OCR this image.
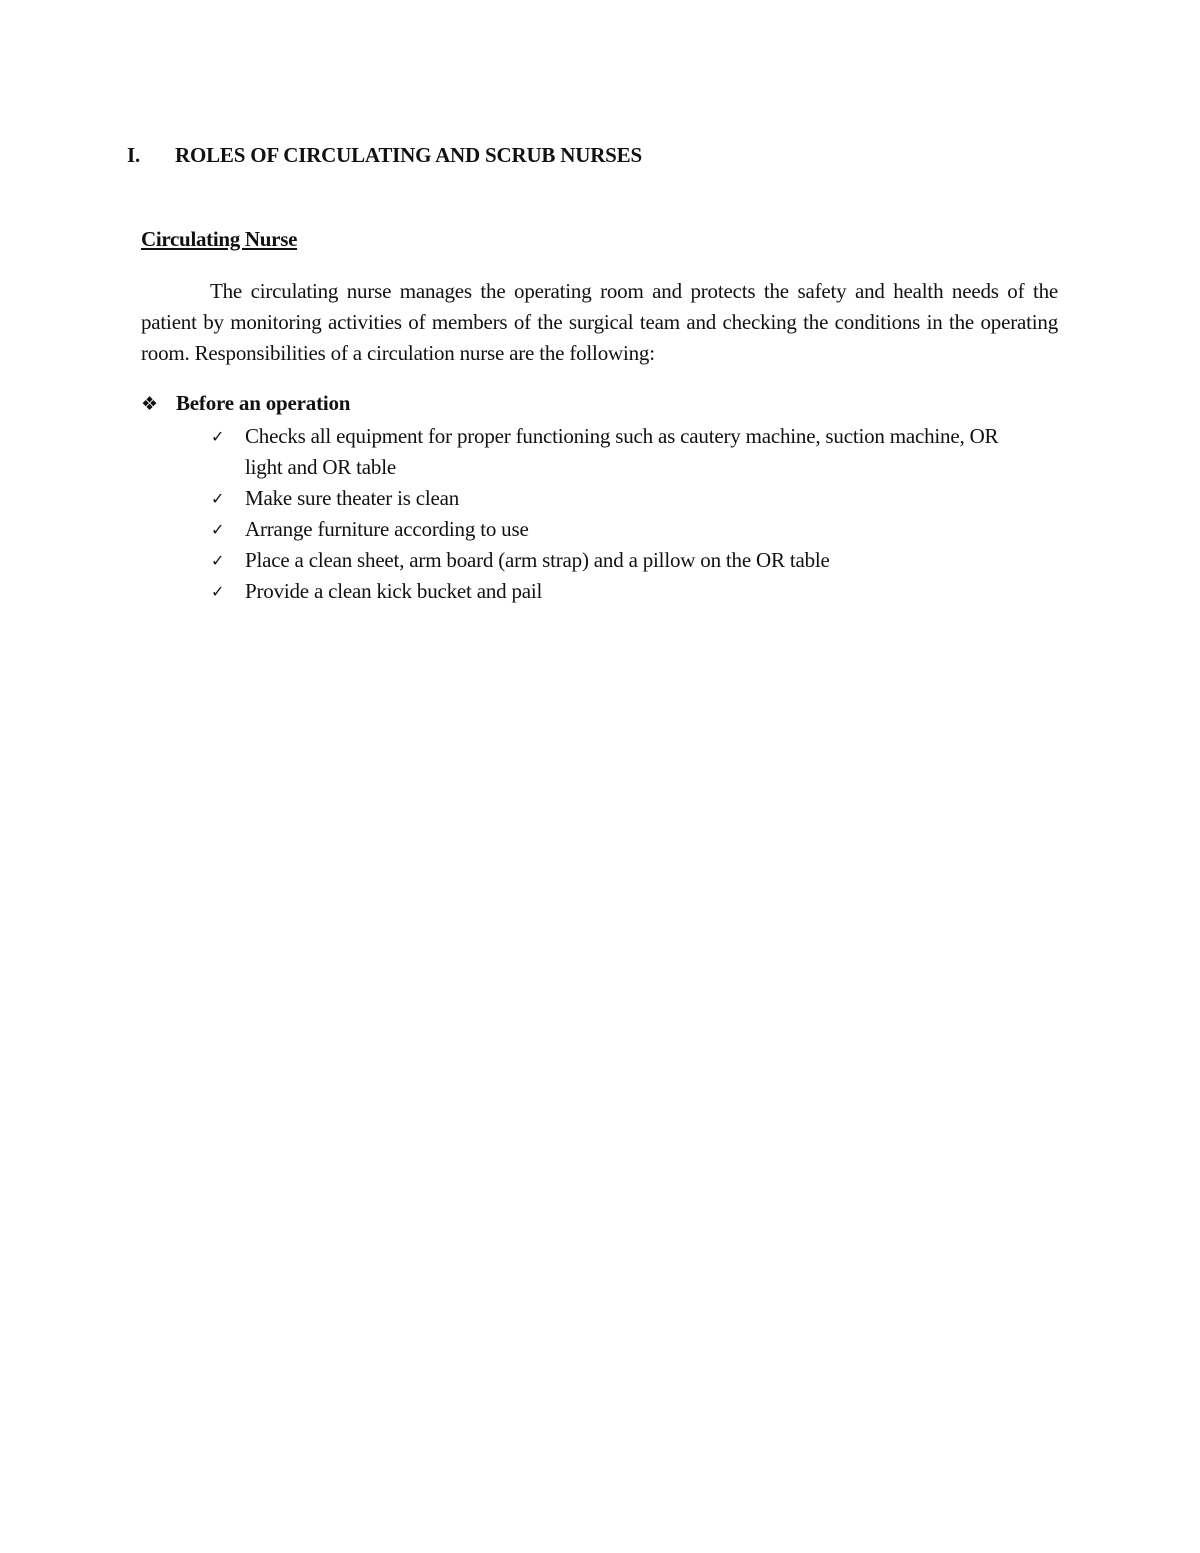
I. ROLES OF CIRCULATING AND SCRUB NURSES
Circulating Nurse

The circulating nurse manages the operating room and protects the safety and health needs of the patient by monitoring activities of members of the surgical team and checking the conditions in the operating room. Responsibilities of a circulation nurse are the following:

❖ Before an operation
✓ Checks all equipment for proper functioning such as cautery machine, suction machine, OR light and OR table
✓ Make sure theater is clean
✓ Arrange furniture according to use
✓ Place a clean sheet, arm board (arm strap) and a pillow on the OR table
✓ Provide a clean kick bucket and pail
